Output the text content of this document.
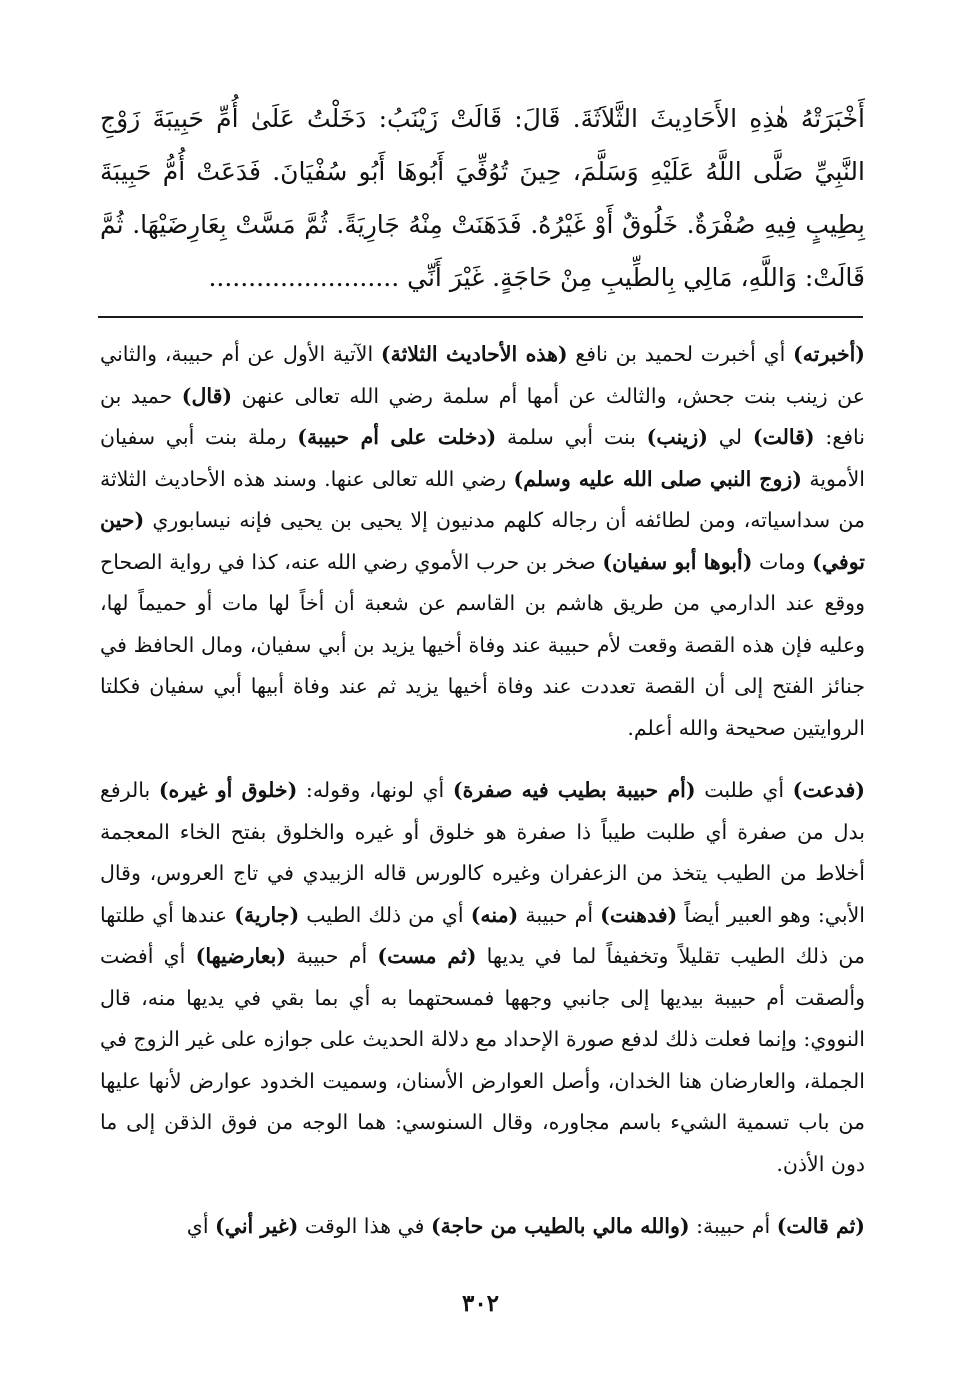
أَخْبَرَتْهُ هٰذِهِ الأَحَادِيثَ الثَّلاَثَةَ. قَالَ: قَالَتْ زَيْنَبُ: دَخَلْتُ عَلَىٰ أُمِّ حَبِيبَةَ زَوْجِ النَّبِيِّ صَلَّى اللَّهُ عَلَيْهِ وَسَلَّمَ، حِينَ تُوُفِّيَ أَبُوهَا أَبُو سُفْيَانَ. فَدَعَتْ أُمُّ حَبِيبَةَ بِطِيبٍ فِيهِ صُفْرَةٌ. خَلُوقٌ أَوْ غَيْرُهُ. فَدَهَنَتْ مِنْهُ جَارِيَةً. ثُمَّ مَسَّتْ بِعَارِضَيْهَا. ثُمَّ قَالَتْ: وَاللَّهِ، مَالِي بِالطِّيبِ مِنْ حَاجَةٍ. غَيْرَ أَنِّي ........................

(أخبرته) أي أخبرت لحميد بن نافع (هذه الأحاديث الثلاثة) الآتية الأول عن أم حبيبة، والثاني عن زينب بنت جحش، والثالث عن أمها أم سلمة رضي الله تعالى عنهن (قال) حميد بن نافع: (قالت) لي (زينب) بنت أبي سلمة (دخلت على أم حبيبة) رملة بنت أبي سفيان الأموية (زوج النبي صلى الله عليه وسلم) رضي الله تعالى عنها. وسند هذه الأحاديث الثلاثة من سداسياته، ومن لطائفه أن رجاله كلهم مدنيون إلا يحيى بن يحيى فإنه نيسابوري (حين توفي) ومات (أبوها أبو سفيان) صخر بن حرب الأموي رضي الله عنه، كذا في رواية الصحاح ووقع عند الدارمي من طريق هاشم بن القاسم عن شعبة أن أخاً لها مات أو حميماً لها، وعليه فإن هذه القصة وقعت لأم حبيبة عند وفاة أخيها يزيد بن أبي سفيان، ومال الحافظ في جنائز الفتح إلى أن القصة تعددت عند وفاة أخيها يزيد ثم عند وفاة أبيها أبي سفيان فكلتا الروايتين صحيحة والله أعلم.

(فدعت) أي طلبت (أم حبيبة بطيب فيه صفرة) أي لونها، وقوله: (خلوق أو غيره) بالرفع بدل من صفرة أي طلبت طيباً ذا صفرة هو خلوق أو غيره والخلوق بفتح الخاء المعجمة أخلاط من الطيب يتخذ من الزعفران وغيره كالورس قاله الزبيدي في تاج العروس، وقال الأبي: وهو العبير أيضاً (فدهنت) أم حبيبة (منه) أي من ذلك الطيب (جارية) عندها أي طلتها من ذلك الطيب تقليلاً وتخفيفاً لما في يديها (ثم مست) أم حبيبة (بعارضيها) أي أفضت وألصقت أم حبيبة بيديها إلى جانبي وجهها فمسحتهما به أي بما بقي في يديها منه، قال النووي: وإنما فعلت ذلك لدفع صورة الإحداد مع دلالة الحديث على جوازه على غير الزوج في الجملة، والعارضان هنا الخدان، وأصل العوارض الأسنان، وسميت الخدود عوارض لأنها عليها من باب تسمية الشيء باسم مجاوره، وقال السنوسي: هما الوجه من فوق الذقن إلى ما دون الأذن.

(ثم قالت) أم حبيبة: (والله مالي بالطيب من حاجة) في هذا الوقت (غير أني) أي

٣٠٢
